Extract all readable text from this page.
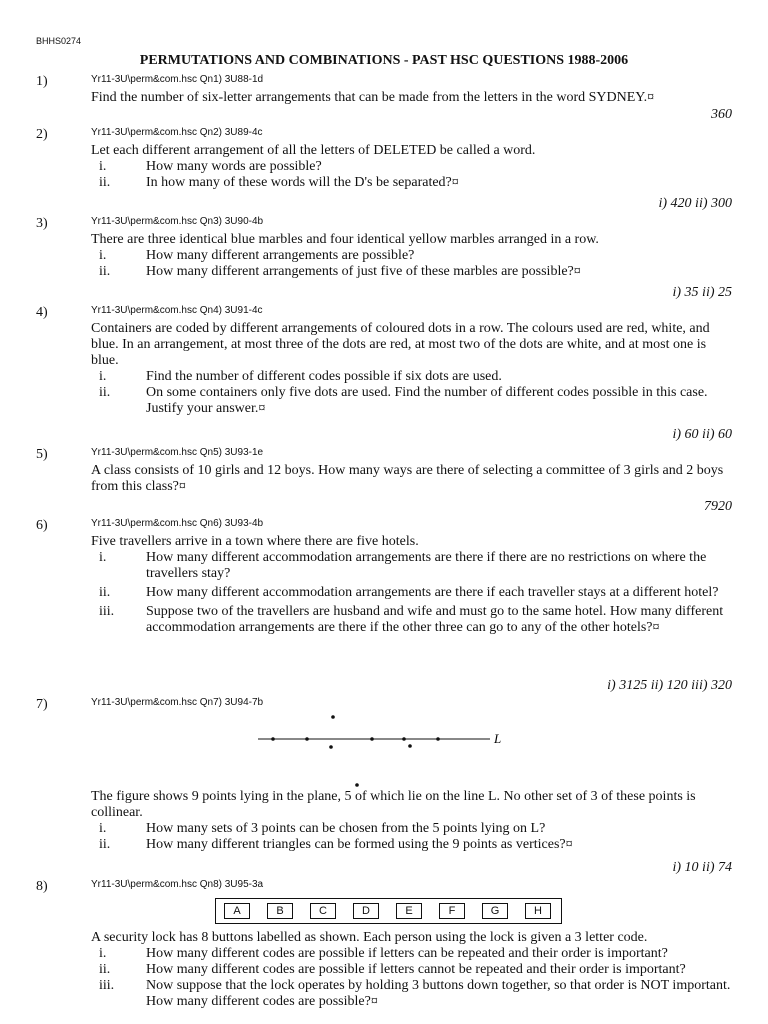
BHHS0274
PERMUTATIONS AND COMBINATIONS - PAST HSC QUESTIONS 1988-2006
1)	Yr11-3U\perm&com.hsc Qn1) 3U88-1d
Find the number of six-letter arrangements that can be made from the letters in the word SYDNEY.¤
360
2)	Yr11-3U\perm&com.hsc Qn2) 3U89-4c
Let each different arrangement of all the letters of DELETED be called a word.
i.	How many words are possible?
ii.	In how many of these words will the D's be separated?¤
i) 420 ii) 300
3)	Yr11-3U\perm&com.hsc Qn3) 3U90-4b
There are three identical blue marbles and four identical yellow marbles arranged in a row.
i.	How many different arrangements are possible?
ii.	How many different arrangements of just five of these marbles are possible?¤
i) 35 ii) 25
4)	Yr11-3U\perm&com.hsc Qn4) 3U91-4c
Containers are coded by different arrangements of coloured dots in a row. The colours used are red, white, and blue. In an arrangement, at most three of the dots are red, at most two of the dots are white, and at most one is blue.
i.	Find the number of different codes possible if six dots are used.
ii.	On some containers only five dots are used. Find the number of different codes possible in this case. Justify your answer.¤
i) 60 ii) 60
5)	Yr11-3U\perm&com.hsc Qn5) 3U93-1e
A class consists of 10 girls and 12 boys. How many ways are there of selecting a committee of 3 girls and 2 boys from this class?¤
7920
6)	Yr11-3U\perm&com.hsc Qn6) 3U93-4b
Five travellers arrive in a town where there are five hotels.
i.	How many different accommodation arrangements are there if there are no restrictions on where the travellers stay?
ii.	How many different accommodation arrangements are there if each traveller stays at a different hotel?
iii. Suppose two of the travellers are husband and wife and must go to the same hotel. How many different accommodation arrangements are there if the other three can go to any of the other hotels?¤
i) 3125 ii) 120 iii) 320
7)	Yr11-3U\perm&com.hsc Qn7) 3U94-7b
L
The figure shows 9 points lying in the plane, 5 of which lie on the line L. No other set of 3 of these points is collinear.
i.	How many sets of 3 points can be chosen from the 5 points lying on L?
ii.	How many different triangles can be formed using the 9 points as vertices?¤
i) 10 ii) 74
8)	Yr11-3U\perm&com.hsc Qn8) 3U95-3a
A	B	C	D	E	F	G	H
A security lock has 8 buttons labelled as shown. Each person using the lock is given a 3 letter code.
i.	How many different codes are possible if letters can be repeated and their order is important?
ii.	How many different codes are possible if letters cannot be repeated and their order is important?
iii. Now suppose that the lock operates by holding 3 buttons down together, so that order is NOT important. How many different codes are possible?¤
